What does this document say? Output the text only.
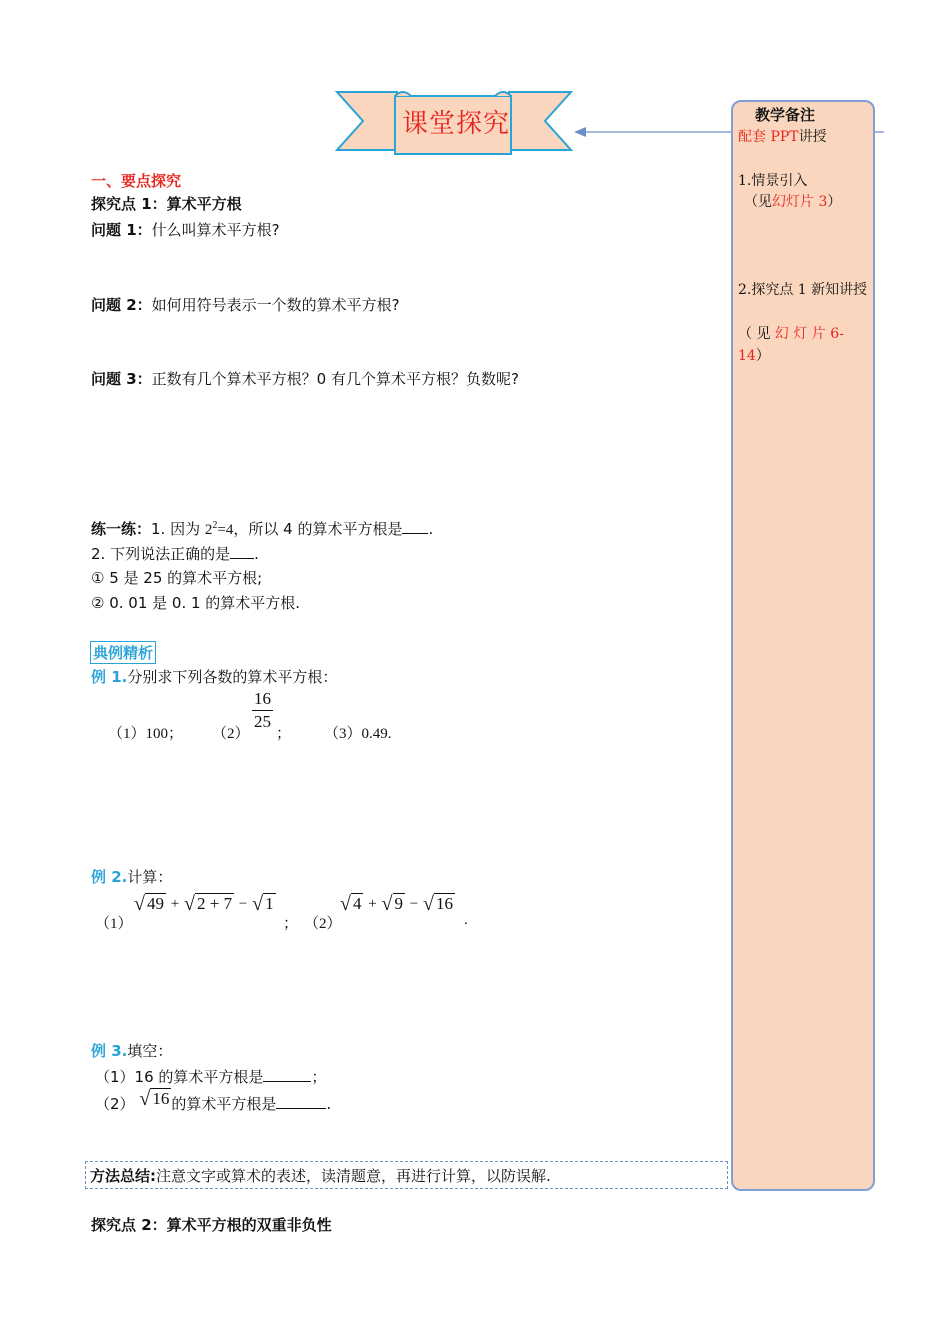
课堂探究	教学备注
配套 PPT讲授
1.情景引入
（见幻灯片 3）
2.探究点 1 新知讲授
（ 见 幻 灯 片 6-14）
一、要点探究
探究点 1：算术平方根
问题 1：什么叫算术平方根?
问题 2：如何用符号表示一个数的算术平方根?
问题 3：正数有几个算术平方根？0 有几个算术平方根？负数呢?
练一练：1. 因为 $2^2=4$，所以 4 的算术平方根是 .
2. 下列说法正确的是 .
① 5 是 25 的算术平方根;
② 0. 01 是 0. 1 的算术平方根.
典例精析
例 1.分别求下列各数的算术平方根：
（1）100； （2）
16
25
； （3）0.49.
例 2.计算：
（1）
√ 49 + √ 2 + 7 − √ 1
； （2）
√ 4 + √ 9 − √ 16
.
例 3.填空：
（1）16 的算术平方根是	；
（2） √ 16 的算术平方根是	.
方法总结:注意文字或算术的表述，读清题意，再进行计算，以防误解.
探究点 2：算术平方根的双重非负性
